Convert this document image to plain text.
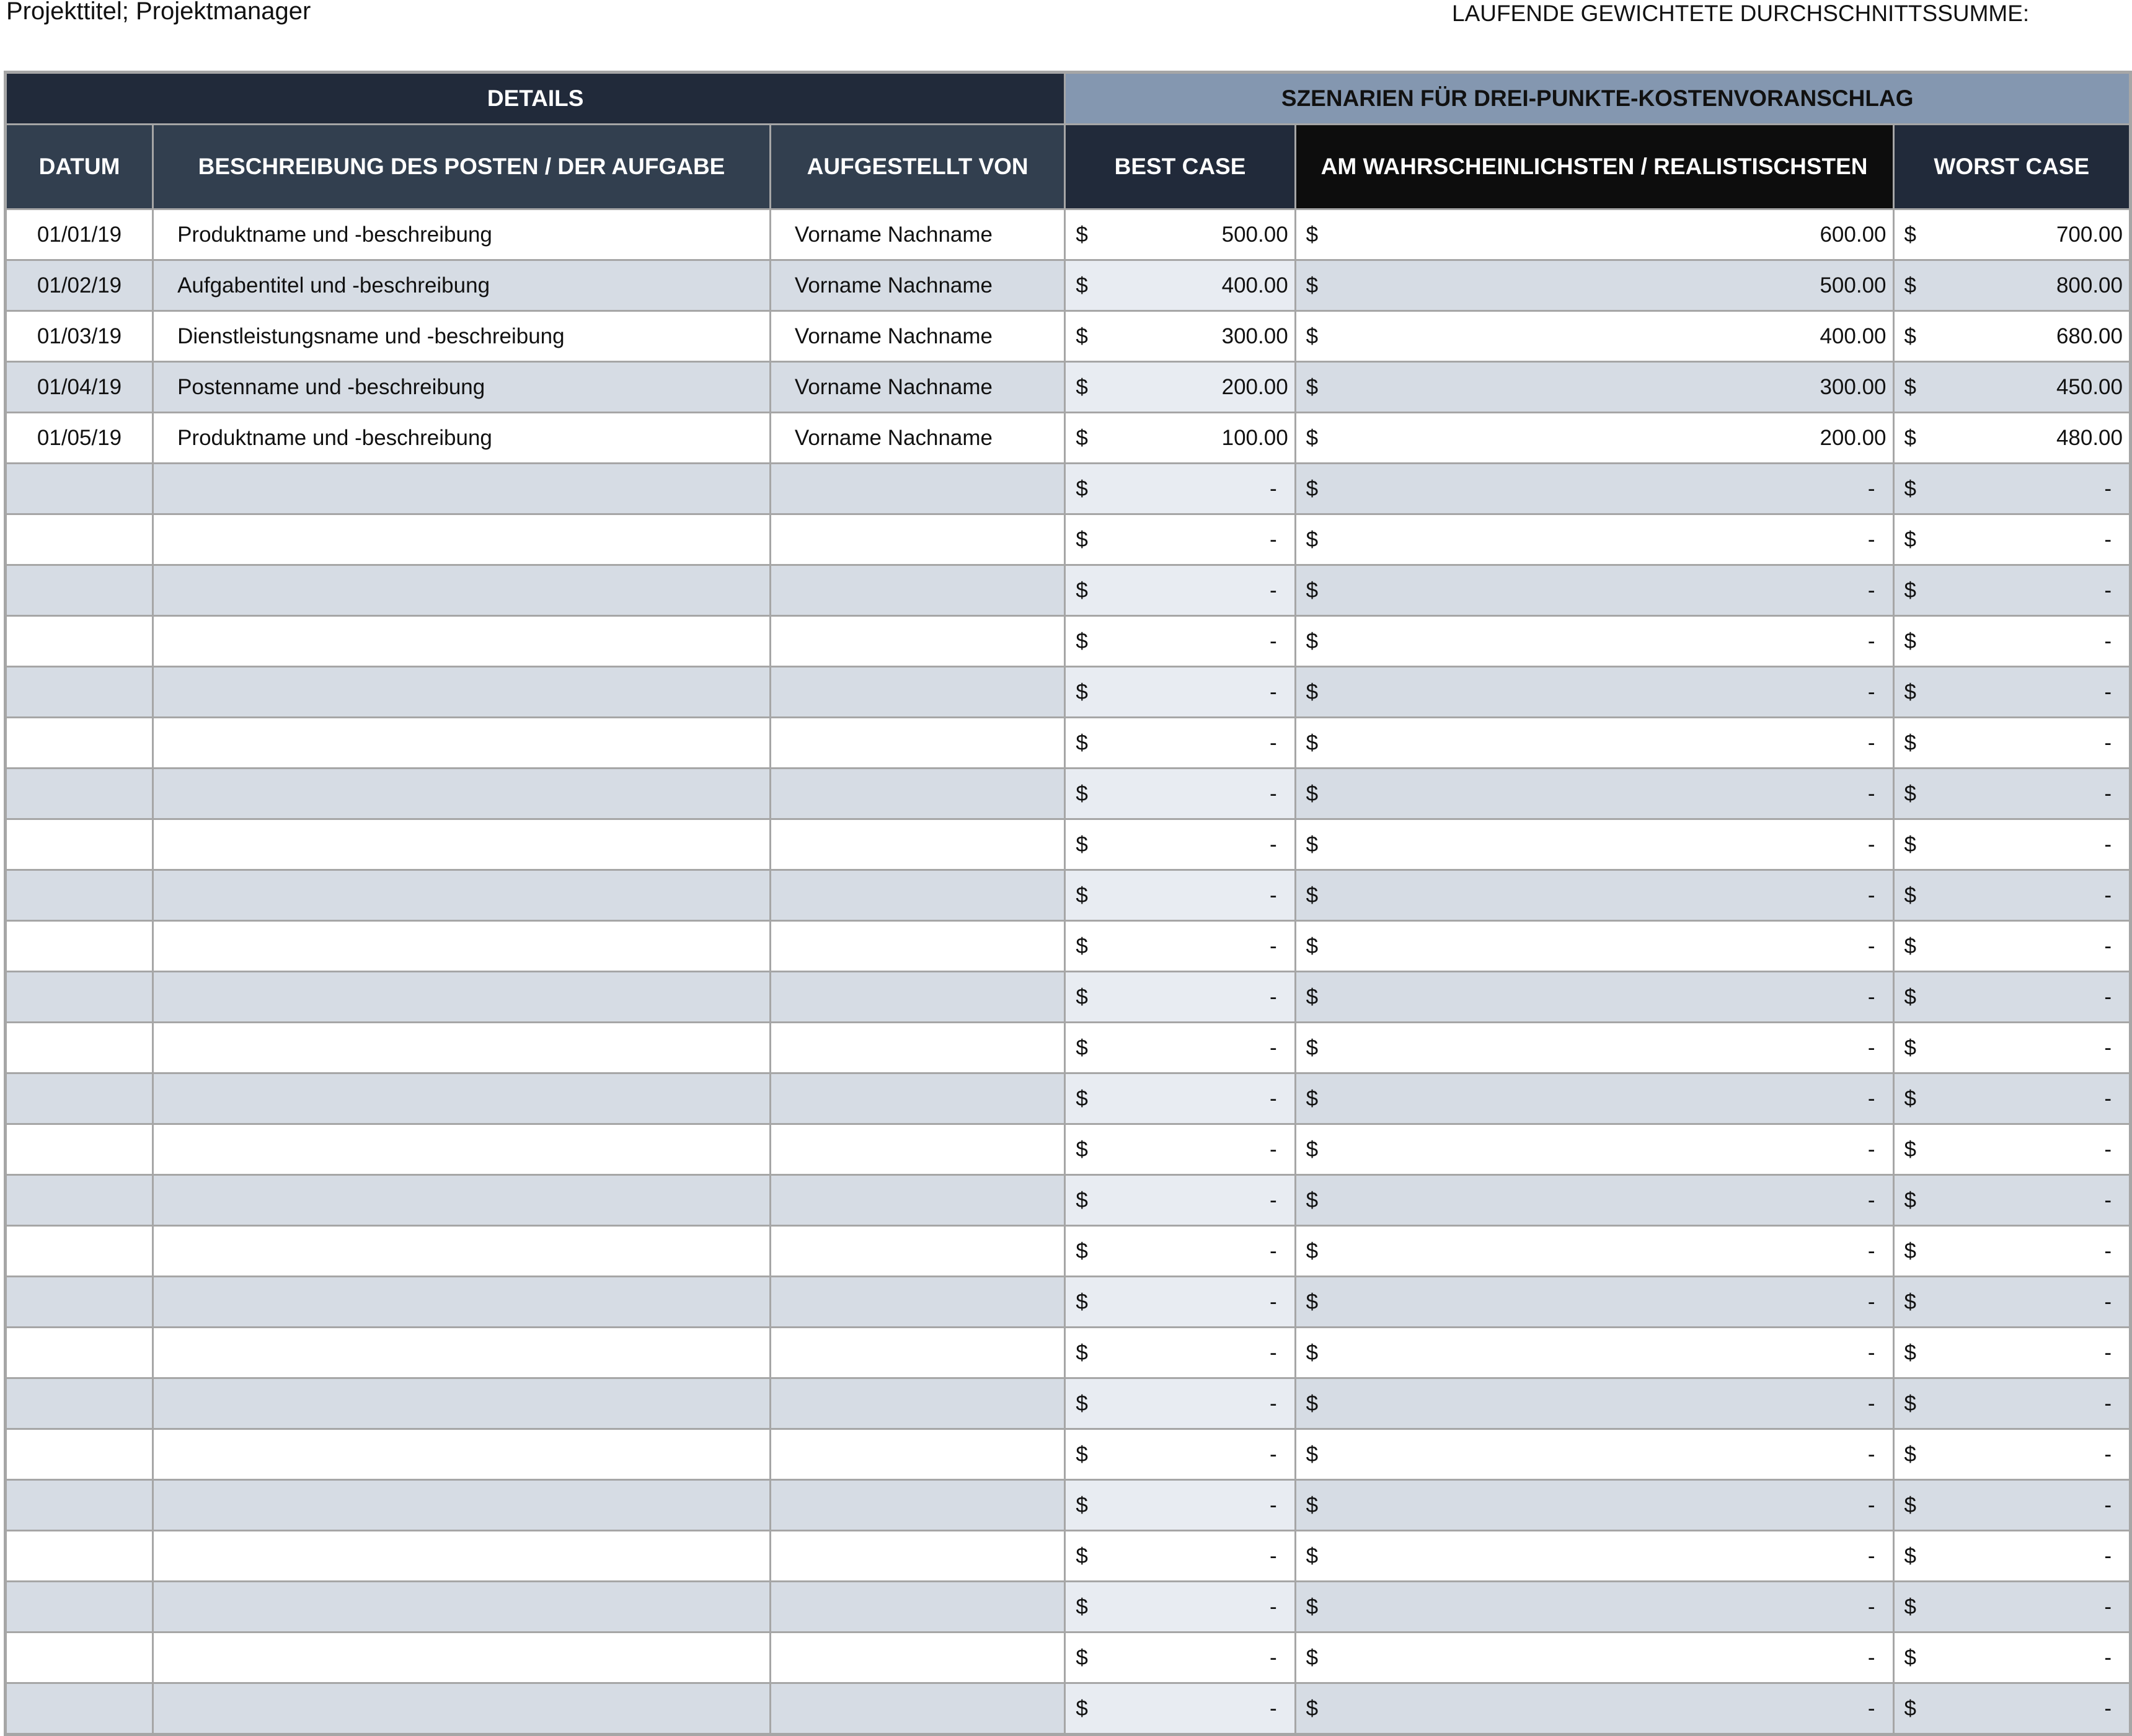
Projekttitel; Projektmanager	LAUFENDE GEWICHTETE DURCHSCHNITTSSUMME:
DETAILS			SZENARIEN FÜR DREI-PUNKTE-KOSTENVORANSCHLAG		
DATUM	BESCHREIBUNG DES POSTEN / DER AUFGABE	AUFGESTELLT VON	BEST CASE	AM WAHRSCHEINLICHSTEN / REALISTISCHSTEN	WORST CASE
01/01/19	Produktname und -beschreibung	Vorname Nachname	$ 500.00	$ 600.00	$ 700.00

01/02/19	Aufgabentitel und -beschreibung	Vorname Nachname	$ 400.00	$ 500.00	$ 800.00

01/03/19	Dienstleistungsname und -beschreibung	Vorname Nachname	$ 300.00	$ 400.00	$ 680.00

01/04/19	Postenname und -beschreibung	Vorname Nachname	$ 200.00	$ 300.00	$ 450.00

01/05/19	Produktname und -beschreibung	Vorname Nachname	$ 100.00	$ 200.00	$ 480.00

			$ -	$ -	$ -

			$ -	$ -	$ -

			$ -	$ -	$ -

			$ -	$ -	$ -

			$ -	$ -	$ -

			$ -	$ -	$ -

			$ -	$ -	$ -

			$ -	$ -	$ -

			$ -	$ -	$ -

			$ -	$ -	$ -

			$ -	$ -	$ -

			$ -	$ -	$ -

			$ -	$ -	$ -

			$ -	$ -	$ -

			$ -	$ -	$ -

			$ -	$ -	$ -

			$ -	$ -	$ -

			$ -	$ -	$ -

			$ -	$ -	$ -

			$ -	$ -	$ -

			$ -	$ -	$ -

			$ -	$ -	$ -

			$ -	$ -	$ -

			$ -	$ -	$ -

			$ -	$ -	$ -
